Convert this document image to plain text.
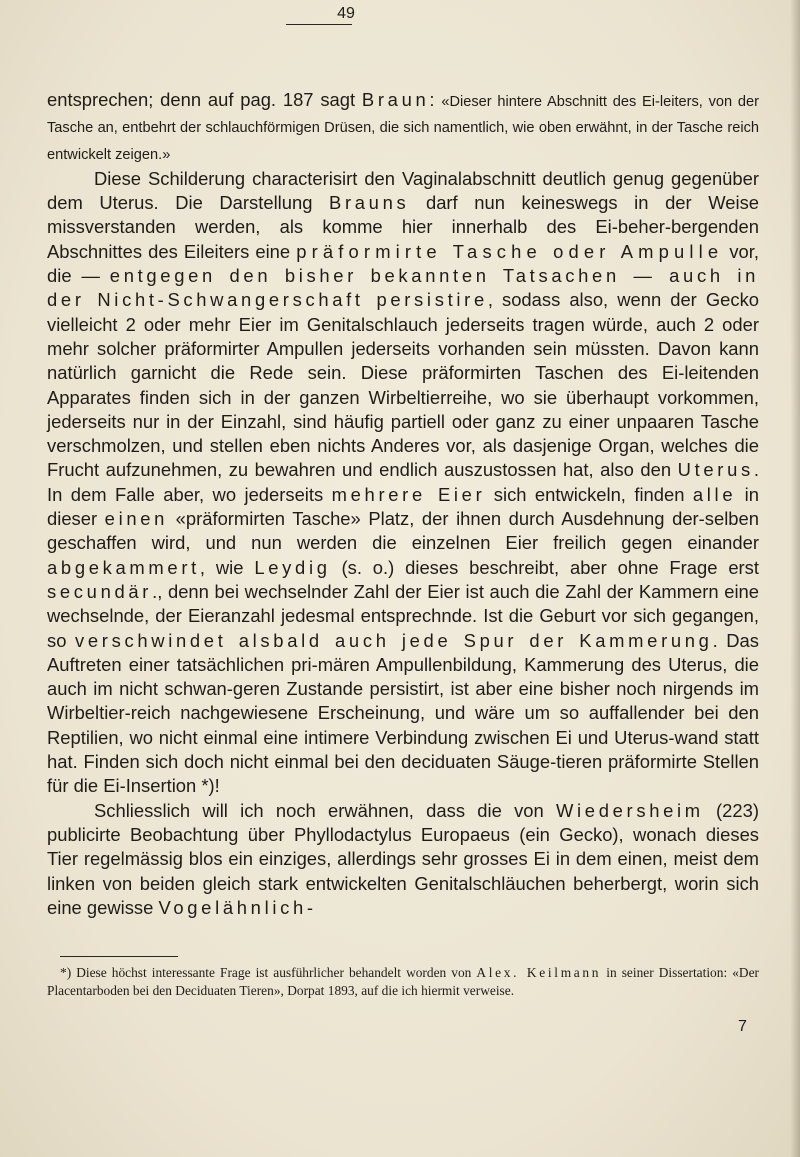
49

entsprechen; denn auf pag. 187 sagt Braun: «Dieser hintere Abschnitt des Ei-leiters, von der Tasche an, entbehrt der schlauchförmigen Drüsen, die sich namentlich, wie oben erwähnt, in der Tasche reich entwickelt zeigen.»

Diese Schilderung characterisirt den Vaginalabschnitt deutlich genug gegenüber dem Uterus. Die Darstellung Brauns darf nun keineswegs in der Weise missverstanden werden, als komme hier innerhalb des Ei-beher-bergenden Abschnittes des Eileiters eine präformirte Tasche oder Ampulle vor, die — entgegen den bisher bekannten Tatsachen — auch in der Nicht-Schwangerschaft persistire, sodass also, wenn der Gecko vielleicht 2 oder mehr Eier im Genitalschlauch jederseits tragen würde, auch 2 oder mehr solcher präformirter Ampullen jederseits vorhanden sein müssten. Davon kann natürlich garnicht die Rede sein. Diese präformirten Taschen des Ei-leitenden Apparates finden sich in der ganzen Wirbeltierreihe, wo sie überhaupt vorkommen, jederseits nur in der Einzahl, sind häufig partiell oder ganz zu einer unpaaren Tasche verschmolzen, und stellen eben nichts Anderes vor, als dasjenige Organ, welches die Frucht aufzunehmen, zu bewahren und endlich auszustossen hat, also den Uterus. In dem Falle aber, wo jederseits mehrere Eier sich entwickeln, finden alle in dieser einen «präformirten Tasche» Platz, der ihnen durch Ausdehnung der-selben geschaffen wird, und nun werden die einzelnen Eier freilich gegen einander abgekammert, wie Leydig (s. o.) dieses beschreibt, aber ohne Frage erst secundär., denn bei wechselnder Zahl der Eier ist auch die Zahl der Kammern eine wechselnde, der Eieranzahl jedesmal entsprechnde. Ist die Geburt vor sich gegangen, so verschwindet alsbald auch jede Spur der Kammerung. Das Auftreten einer tatsächlichen pri-mären Ampullenbildung, Kammerung des Uterus, die auch im nicht schwan-geren Zustande persistirt, ist aber eine bisher noch nirgends im Wirbeltier-reich nachgewiesene Erscheinung, und wäre um so auffallender bei den Reptilien, wo nicht einmal eine intimere Verbindung zwischen Ei und Uterus-wand statt hat. Finden sich doch nicht einmal bei den deciduaten Säuge-tieren präformirte Stellen für die Ei-Insertion *)!

Schliesslich will ich noch erwähnen, dass die von Wiedersheim (223) publicirte Beobachtung über Phyllodactylus Europaeus (ein Gecko), wonach dieses Tier regelmässig blos ein einziges, allerdings sehr grosses Ei in dem einen, meist dem linken von beiden gleich stark entwickelten Genitalschläuchen beherbergt, worin sich eine gewisse Vogelähnlich-

*) Diese höchst interessante Frage ist ausführlicher behandelt worden von Alex. Keilmann in seiner Dissertation: «Der Placentarboden bei den Deciduaten Tieren», Dorpat 1893, auf die ich hiermit verweise.

7
